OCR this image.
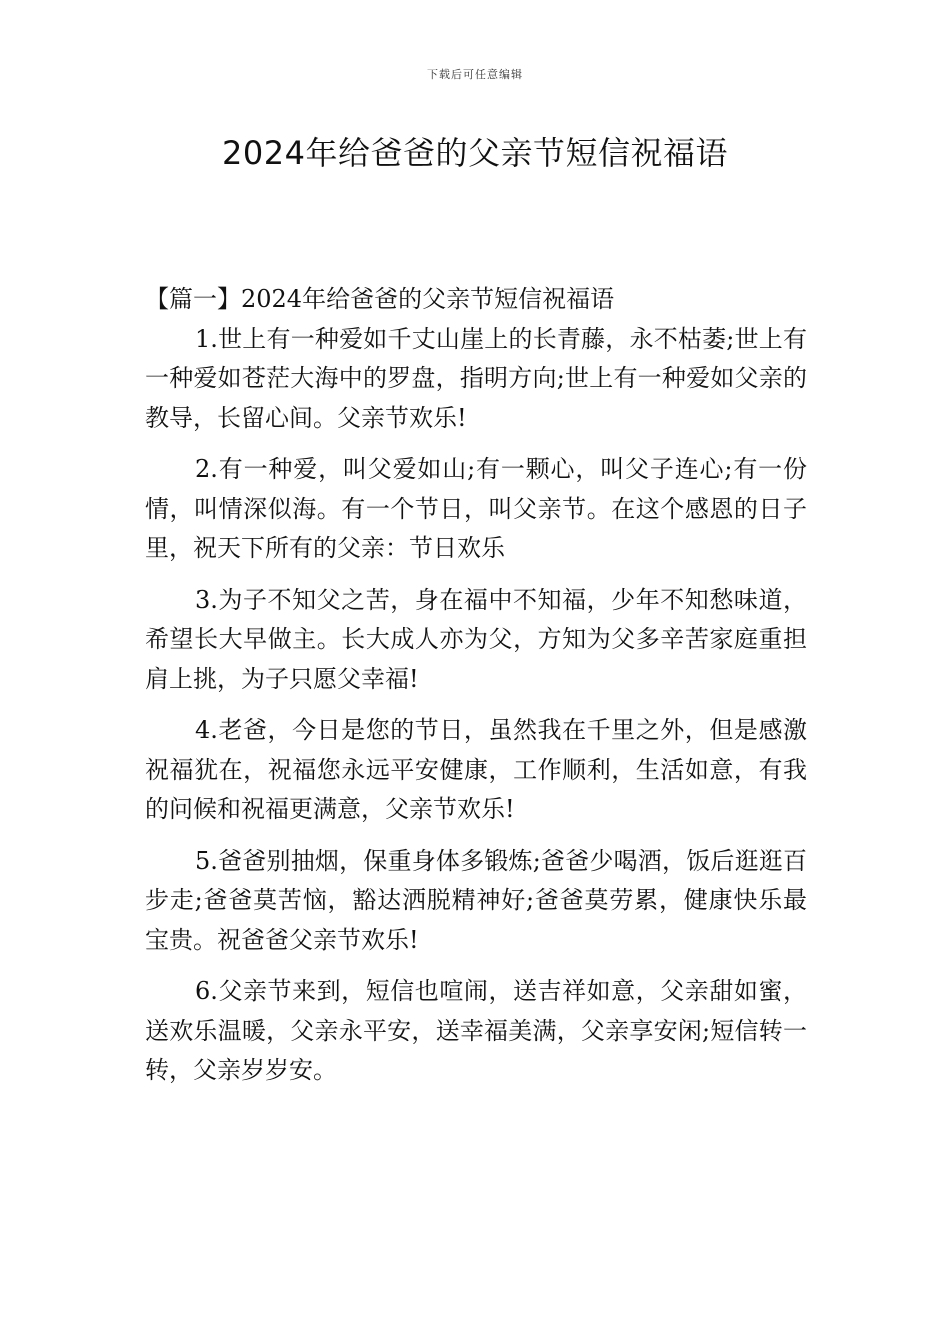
下载后可任意编辑
2024年给爸爸的父亲节短信祝福语
【篇一】2024年给爸爸的父亲节短信祝福语

1.世上有一种爱如千丈山崖上的长青藤，永不枯萎;世上有一种爱如苍茫大海中的罗盘，指明方向;世上有一种爱如父亲的教导，长留心间。父亲节欢乐!

2.有一种爱，叫父爱如山;有一颗心，叫父子连心;有一份情，叫情深似海。有一个节日，叫父亲节。在这个感恩的日子里，祝天下所有的父亲：节日欢乐

3.为子不知父之苦，身在福中不知福，少年不知愁味道，希望长大早做主。长大成人亦为父，方知为父多辛苦家庭重担肩上挑，为子只愿父幸福!

4.老爸，今日是您的节日，虽然我在千里之外，但是感激祝福犹在，祝福您永远平安健康，工作顺利，生活如意，有我的问候和祝福更满意，父亲节欢乐!

5.爸爸别抽烟，保重身体多锻炼;爸爸少喝酒，饭后逛逛百步走;爸爸莫苦恼，豁达洒脱精神好;爸爸莫劳累，健康快乐最宝贵。祝爸爸父亲节欢乐!

6.父亲节来到，短信也喧闹，送吉祥如意，父亲甜如蜜，送欢乐温暖，父亲永平安，送幸福美满，父亲享安闲;短信转一转，父亲岁岁安。
